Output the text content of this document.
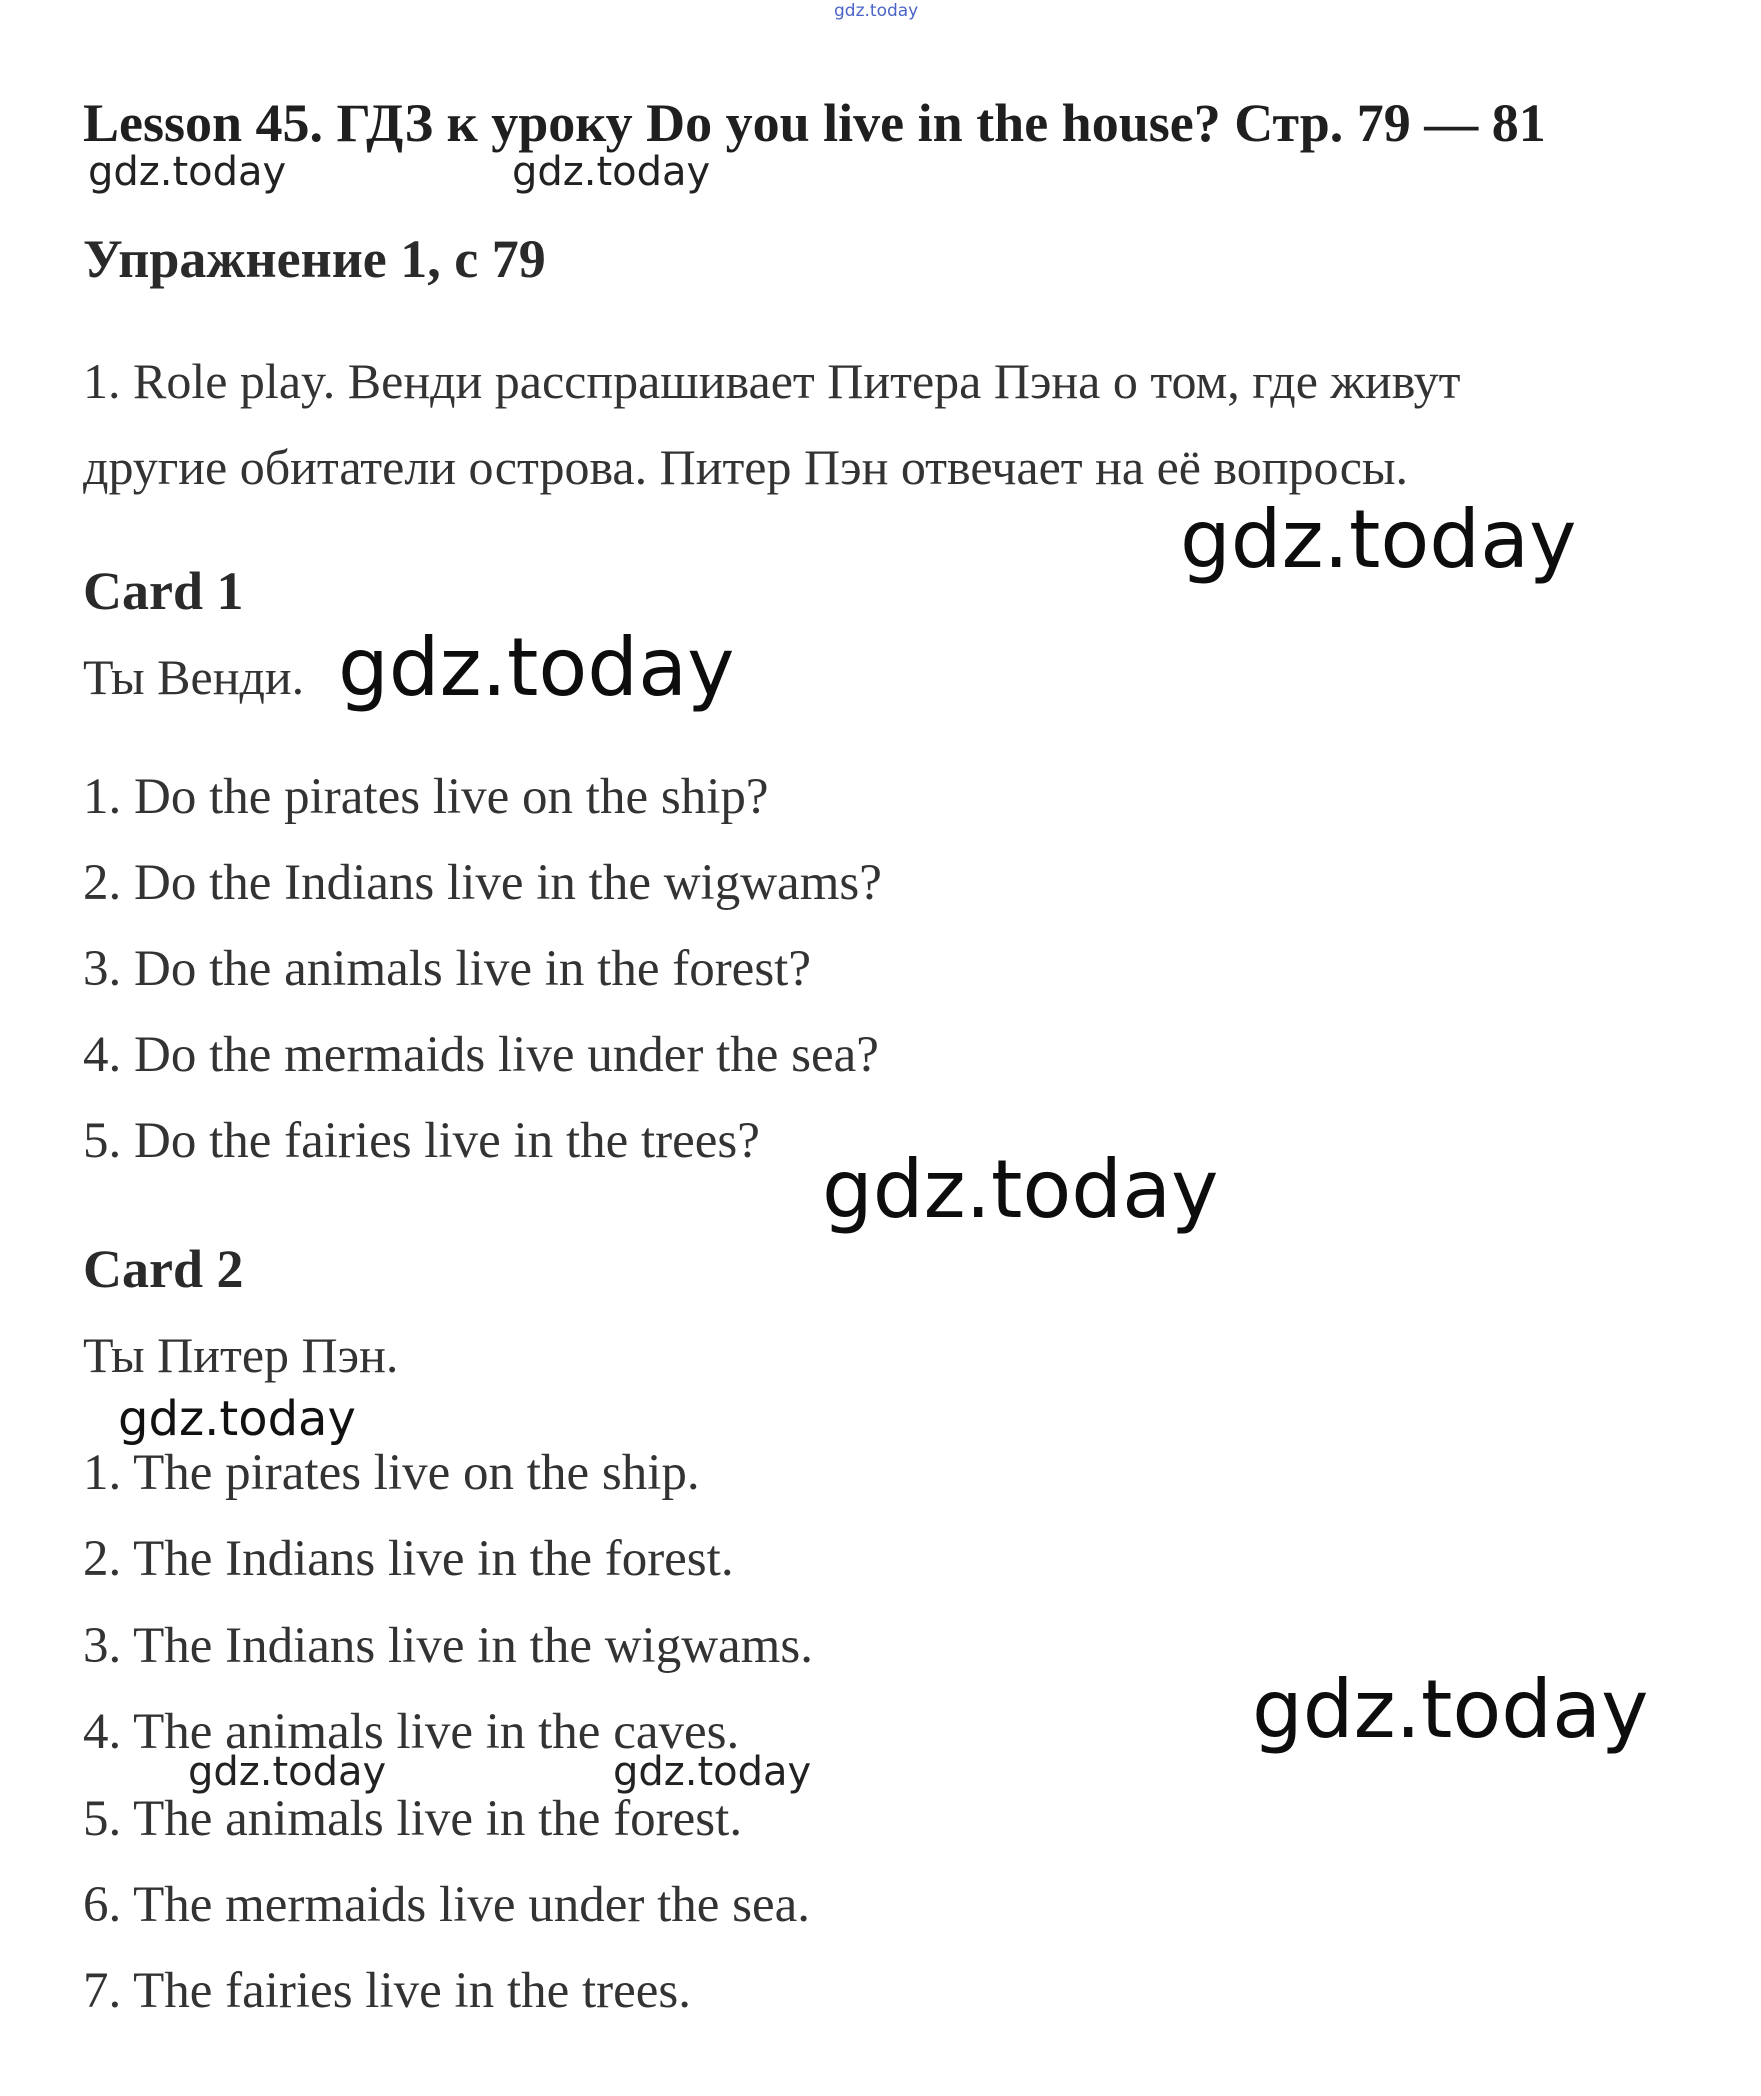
gdz.today
Lesson 45. ГДЗ к уроку Do you live in the house? Стр. 79 — 81
gdz.today	gdz.today
Упражнение 1, с 79
1. Role play. Венди расспрашивает Питера Пэна о том, где живут
другие обитатели острова. Питер Пэн отвечает на её вопросы.
gdz.today
Card 1
Ты Венди. gdz.today
1. Do the pirates live on the ship?
2. Do the Indians live in the wigwams?
3. Do the animals live in the forest?
4. Do the mermaids live under the sea?
5. Do the fairies live in the trees?
gdz.today
Card 2
Ты Питер Пэн.
gdz.today
1. The pirates live on the ship.
2. The Indians live in the forest.
3. The Indians live in the wigwams.
4. The animals live in the caves.	gdz.today
gdz.today	gdz.today
5. The animals live in the forest.
6. The mermaids live under the sea.
7. The fairies live in the trees.
